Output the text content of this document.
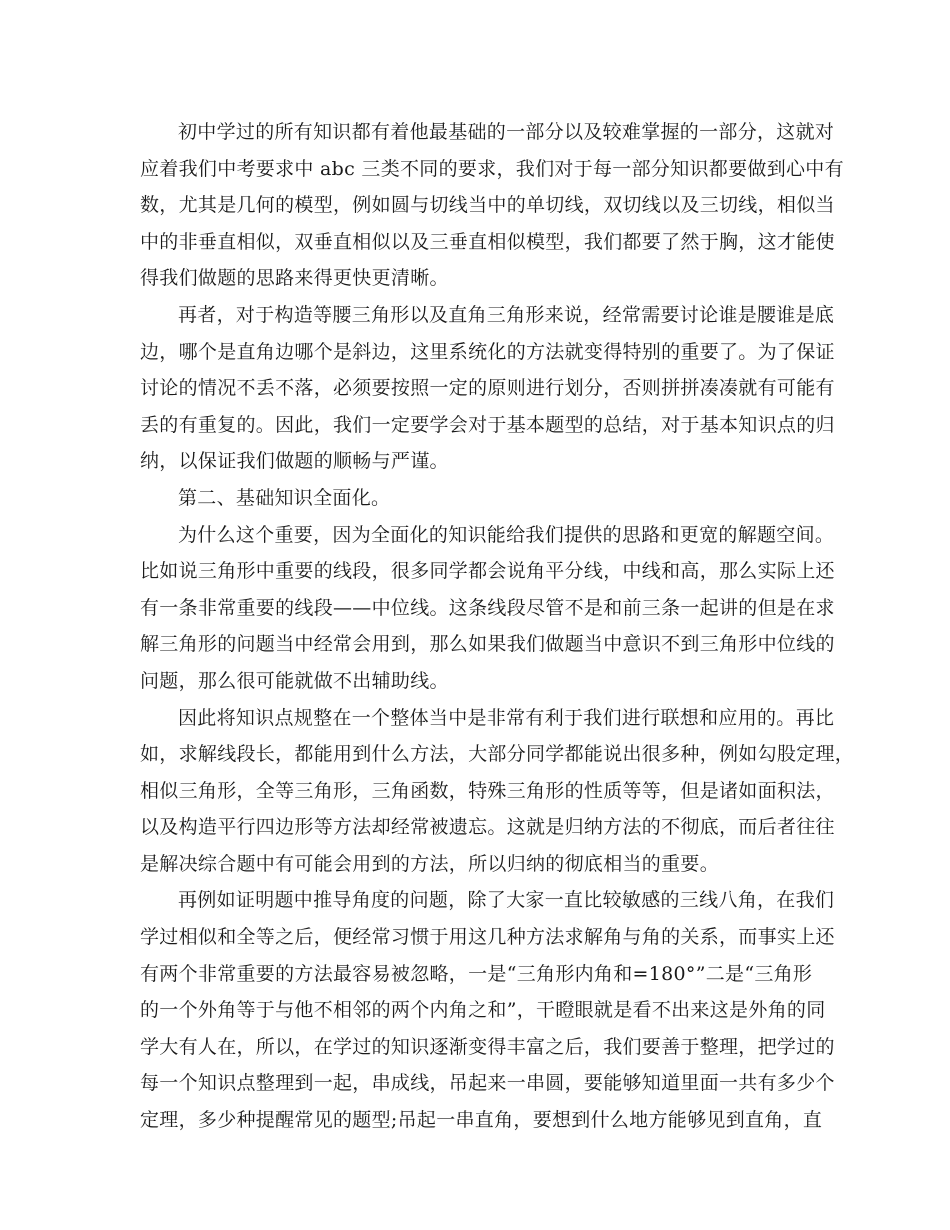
初中学过的所有知识都有着他最基础的一部分以及较难掌握的一部分，这就对
应着我们中考要求中 abc 三类不同的要求，我们对于每一部分知识都要做到心中有
数，尤其是几何的模型，例如圆与切线当中的单切线，双切线以及三切线，相似当
中的非垂直相似，双垂直相似以及三垂直相似模型，我们都要了然于胸，这才能使
得我们做题的思路来得更快更清晰。
再者，对于构造等腰三角形以及直角三角形来说，经常需要讨论谁是腰谁是底
边，哪个是直角边哪个是斜边，这里系统化的方法就变得特别的重要了。为了保证
讨论的情况不丢不落，必须要按照一定的原则进行划分，否则拼拼凑凑就有可能有
丢的有重复的。因此，我们一定要学会对于基本题型的总结，对于基本知识点的归
纳，以保证我们做题的顺畅与严谨。
第二、基础知识全面化。
为什么这个重要，因为全面化的知识能给我们提供的思路和更宽的解题空间。
比如说三角形中重要的线段，很多同学都会说角平分线，中线和高，那么实际上还
有一条非常重要的线段——中位线。这条线段尽管不是和前三条一起讲的但是在求
解三角形的问题当中经常会用到，那么如果我们做题当中意识不到三角形中位线的
问题，那么很可能就做不出辅助线。
因此将知识点规整在一个整体当中是非常有利于我们进行联想和应用的。再比
如，求解线段长，都能用到什么方法，大部分同学都能说出很多种，例如勾股定理，
相似三角形，全等三角形，三角函数，特殊三角形的性质等等，但是诸如面积法，
以及构造平行四边形等方法却经常被遗忘。这就是归纳方法的不彻底，而后者往往
是解决综合题中有可能会用到的方法，所以归纳的彻底相当的重要。
再例如证明题中推导角度的问题，除了大家一直比较敏感的三线八角，在我们
学过相似和全等之后，便经常习惯于用这几种方法求解角与角的关系，而事实上还
有两个非常重要的方法最容易被忽略，一是“三角形内角和=180°”二是“三角形
的一个外角等于与他不相邻的两个内角之和”，干瞪眼就是看不出来这是外角的同
学大有人在，所以，在学过的知识逐渐变得丰富之后，我们要善于整理，把学过的
每一个知识点整理到一起，串成线，吊起来一串圆，要能够知道里面一共有多少个
定理，多少种提醒常见的题型;吊起一串直角，要想到什么地方能够见到直角，直
